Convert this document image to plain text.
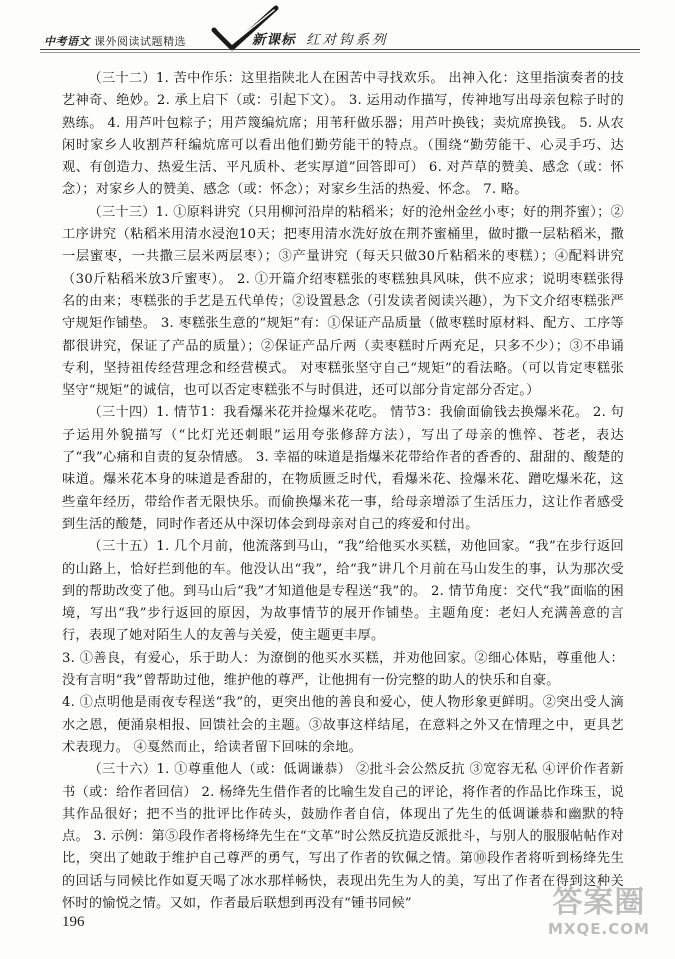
中考语文 课外阅读试题精选	新课标 红对钩系列

（三十二）1. 苦中作乐：这里指陕北人在困苦中寻找欢乐。 出神入化：这里指演奏者的技艺神奇、绝妙。2. 承上启下（或：引起下文）。 3. 运用动作描写，传神地写出母亲包粽子时的熟练。 4. 用芦叶包粽子；用芦篾编炕席；用苇秆做乐器；用芦叶换钱；卖炕席换钱。 5. 从农闲时家乡人收割芦秆编炕席可以看出他们勤劳能干的特点。（围绕“勤劳能干、心灵手巧、达观、有创造力、热爱生活、平凡质朴、老实厚道”回答即可） 6. 对芦草的赞美、感念（或：怀念）；对家乡人的赞美、感念（或：怀念）；对家乡生活的热爱、怀念。 7. 略。

（三十三）1. ①原料讲究（只用柳河沿岸的粘稻米；好的沧州金丝小枣；好的荆芥蜜）；②工序讲究（粘稻米用清水浸泡10天；把枣用清水洗好放在荆芥蜜桶里，做时撒一层粘稻米，撒一层蜜枣，一共撒三层米两层枣）；③产量讲究（每天只做30斤粘稻米的枣糕）；④配料讲究（30斤粘稻米放3斤蜜枣）。 2. ①开篇介绍枣糕张的枣糕独具风味，供不应求；说明枣糕张得名的由来；枣糕张的手艺是五代单传；②设置悬念（引发读者阅读兴趣），为下文介绍枣糕张严守规矩作铺垫。 3. 枣糕张生意的“规矩”有：①保证产品质量（做枣糕时原材料、配方、工序等都很讲究，保证了产品的质量）；②保证产品斤两（卖枣糕时斤两充足，只多不少）；③不串诵专利，坚持祖传经营理念和经营模式。 对枣糕张坚守自己“规矩”的看法略。（可以肯定枣糕张坚守“规矩”的诚信，也可以否定枣糕张不与时俱进，还可以部分肯定部分否定。）

（三十四）1. 情节1：我看爆米花并捡爆米花吃。 情节3：我偷面偷钱去换爆米花。 2. 句子运用外貌描写（“比灯光还刺眼”运用夸张修辞方法），写出了母亲的憔悴、苍老，表达了“我”心痛和自责的复杂情感。 3. 幸福的味道是指爆米花带给作者的香香的、甜甜的、酸楚的味道。爆米花本身的味道是香甜的，在物质匮乏时代，看爆米花、捡爆米花、蹭吃爆米花，这些童年经历，带给作者无限快乐。而偷换爆米花一事，给母亲增添了生活压力，这让作者感受到生活的酸楚，同时作者还从中深切体会到母亲对自己的疼爱和付出。

（三十五）1. 几个月前，他流落到马山，“我”给他买水买糕，劝他回家。“我”在步行返回的山路上，恰好拦到他的车。他没认出“我”，给“我”讲几个月前在马山发生的事，认为那次受到的帮助改变了他。到马山后“我”才知道他是专程送“我”的。 2. 情节角度：交代“我”面临的困境，写出“我”步行返回的原因，为故事情节的展开作铺垫。主题角度：老妇人充满善意的言行，表现了她对陌生人的友善与关爱，使主题更丰厚。

3. ①善良，有爱心，乐于助人：为潦倒的他买水买糕，并劝他回家。②细心体贴，尊重他人：没有言明“我”曾帮助过他，维护他的尊严，让他拥有一份完整的助人的快乐和自豪。

4. ①点明他是雨夜专程送“我”的，更突出他的善良和爱心，使人物形象更鲜明。②突出受人滴水之恩，便涌泉相报、回馈社会的主题。③故事这样结尾，在意料之外又在情理之中，更具艺术表现力。 ④戛然而止，给读者留下回味的余地。

（三十六）1. ①尊重他人（或：低调谦恭） ②批斗会公然反抗 ③宽容无私 ④评价作者新书（或：给作者回信） 2. 杨绛先生借作者的比喻生发自己的评论，将作者的作品比作珠玉，说其作品很好；把不当的批评比作砖头，鼓励作者自信，体现出了先生的低调谦恭和幽默的特点。 3. 示例：第⑤段作者将杨绛先生在“文革”时公然反抗造反派批斗，与别人的服服帖帖作对比，突出了她敢于维护自己尊严的勇气，写出了作者的钦佩之情。第⑩段作者将听到杨绛先生的回话与同候比作如夏天喝了冰水那样畅快，表现出先生为人的美，写出了作者在得到这种关怀时的愉悦之情。又如，作者最后联想到再没有“锺书同候”

196
答案圈
MXQE.COM
